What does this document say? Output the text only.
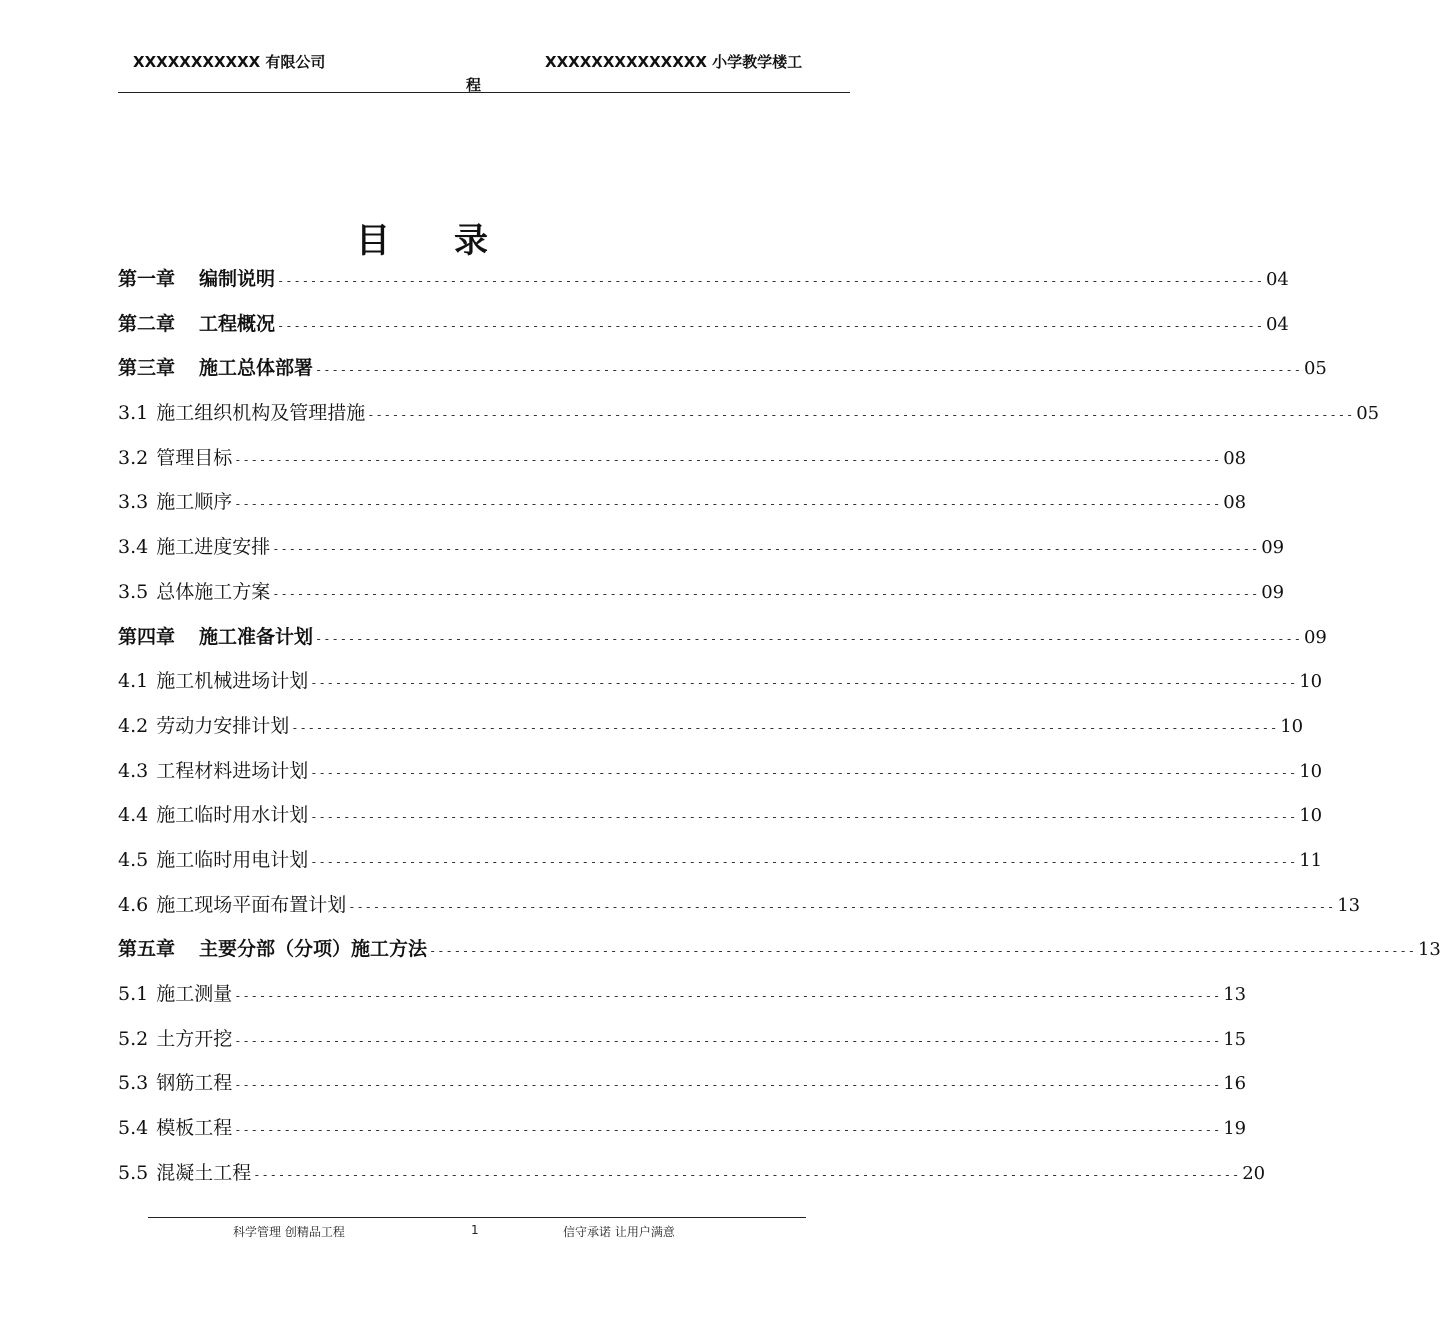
XXXXXXXXXXX 有限公司	XXXXXXXXXXXXXX 小学教学楼工
程
目录
第一章 编制说明 ------------------------------------------------------------------------------------------------------------------------ 04
第二章 工程概况 ------------------------------------------------------------------------------------------------------------------------ 04
第三章 施工总体部署 ------------------------------------------------------------------------------------------------------------------------ 05
3.1 施工组织机构及管理措施 ------------------------------------------------------------------------------------------------------------------------ 05
3.2 管理目标 ------------------------------------------------------------------------------------------------------------------------ 08
3.3 施工顺序 ------------------------------------------------------------------------------------------------------------------------ 08
3.4 施工进度安排 ------------------------------------------------------------------------------------------------------------------------ 09
3.5 总体施工方案 ------------------------------------------------------------------------------------------------------------------------ 09
第四章 施工准备计划 ------------------------------------------------------------------------------------------------------------------------ 09
4.1 施工机械进场计划 ------------------------------------------------------------------------------------------------------------------------ 10
4.2 劳动力安排计划 ------------------------------------------------------------------------------------------------------------------------ 10
4.3 工程材料进场计划 ------------------------------------------------------------------------------------------------------------------------ 10
4.4 施工临时用水计划 ------------------------------------------------------------------------------------------------------------------------ 10
4.5 施工临时用电计划 ------------------------------------------------------------------------------------------------------------------------ 11
4.6 施工现场平面布置计划 ------------------------------------------------------------------------------------------------------------------------ 13
第五章 主要分部（分项）施工方法 ------------------------------------------------------------------------------------------------------------------------ 13
5.1 施工测量 ------------------------------------------------------------------------------------------------------------------------ 13
5.2 土方开挖 ------------------------------------------------------------------------------------------------------------------------ 15
5.3 钢筋工程 ------------------------------------------------------------------------------------------------------------------------ 16
5.4 模板工程 ------------------------------------------------------------------------------------------------------------------------ 19
5.5 混凝土工程 ------------------------------------------------------------------------------------------------------------------------ 20
科学管理 创精品工程	1	信守承诺 让用户满意
